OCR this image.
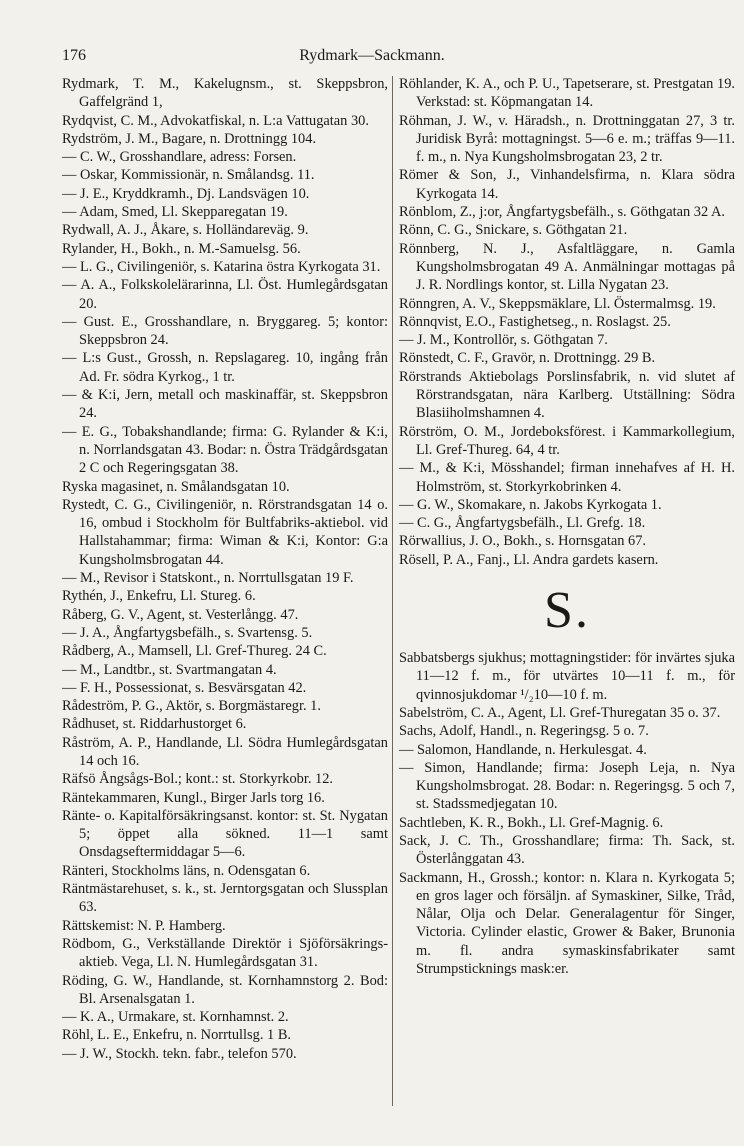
176	Rydmark—Sackmann.

Rydmark, T. M., Kakelugnsm., st. Skeppsbron, Gaffelgränd 1,

Rydqvist, C. M., Advokatfiskal, n. L:a Vattugatan 30.

Rydström, J. M., Bagare, n. Drottningg 104.

— C. W., Grosshandlare, adress: Forsen.

— Oskar, Kommissionär, n. Smålandsg. 11.

— J. E., Kryddkramh., Dj. Landsvägen 10.

— Adam, Smed, Ll. Skepparegatan 19.

Rydwall, A. J., Åkare, s. Holländareväg. 9.

Rylander, H., Bokh., n. M.-Samuelsg. 56.

— L. G., Civilingeniör, s. Katarina östra Kyrkogata 31.

— A. A., Folkskolelärarinna, Ll. Öst. Humlegårdsgatan 20.

— Gust. E., Grosshandlare, n. Bryggareg. 5; kontor: Skeppsbron 24.

— L:s Gust., Grossh, n. Repslagareg. 10, ingång från Ad. Fr. södra Kyrkog., 1 tr.

— & K:i, Jern, metall och maskinaffär, st. Skeppsbron 24.

— E. G., Tobakshandlande; firma: G. Rylander & K:i, n. Norrlandsgatan 43. Bodar: n. Östra Trädgårdsgatan 2 C och Regeringsgatan 38.

Ryska magasinet, n. Smålandsgatan 10.

Rystedt, C. G., Civilingeniör, n. Rörstrandsgatan 14 o. 16, ombud i Stockholm för Bultfabriks-aktiebol. vid Hallstahammar; firma: Wiman & K:i, Kontor: G:a Kungsholmsbrogatan 44.

— M., Revisor i Statskont., n. Norrtullsgatan 19 F.

Rythén, J., Enkefru, Ll. Stureg. 6.

Råberg, G. V., Agent, st. Vesterlångg. 47.

— J. A., Ångfartygsbefälh., s. Svartensg. 5.

Rådberg, A., Mamsell, Ll. Gref-Thureg. 24 C.

— M., Landtbr., st. Svartmangatan 4.

— F. H., Possessionat, s. Besvärsgatan 42.

Rådeström, P. G., Aktör, s. Borgmästaregr. 1.

Rådhuset, st. Riddarhustorget 6.

Råström, A. P., Handlande, Ll. Södra Humlegårdsgatan 14 och 16.

Räfsö Ångsågs-Bol.; kont.: st. Storkyrkobr. 12.

Räntekammaren, Kungl., Birger Jarls torg 16.

Ränte- o. Kapitalförsäkringsanst. kontor: st. St. Nygatan 5; öppet alla sökned. 11—1 samt Onsdagseftermiddagar 5—6.

Ränteri, Stockholms läns, n. Odensgatan 6.

Räntmästarehuset, s. k., st. Jerntorgsgatan och Slussplan 63.

Rättskemist: N. P. Hamberg.

Rödbom, G., Verkställande Direktör i Sjöförsäkrings-aktieb. Vega, Ll. N. Humlegårdsgatan 31.

Röding, G. W., Handlande, st. Kornhamnstorg 2. Bod: Bl. Arsenalsgatan 1.

— K. A., Urmakare, st. Kornhamnst. 2.

Röhl, L. E., Enkefru, n. Norrtullsg. 1 B.

— J. W., Stockh. tekn. fabr., telefon 570.

Röhlander, K. A., och P. U., Tapetserare, st. Prestgatan 19. Verkstad: st. Köpmangatan 14.

Röhman, J. W., v. Häradsh., n. Drottninggatan 27, 3 tr. Juridisk Byrå: mottagningst. 5—6 e. m.; träffas 9—11. f. m., n. Nya Kungsholmsbrogatan 23, 2 tr.

Römer & Son, J., Vinhandelsfirma, n. Klara södra Kyrkogata 14.

Rönblom, Z., j:or, Ångfartygsbefälh., s. Göthgatan 32 A.

Rönn, C. G., Snickare, s. Göthgatan 21.

Rönnberg, N. J., Asfaltläggare, n. Gamla Kungsholmsbrogatan 49 A. Anmälningar mottagas på J. R. Nordlings kontor, st. Lilla Nygatan 23.

Rönngren, A. V., Skeppsmäklare, Ll. Östermalmsg. 19.

Rönnqvist, E.O., Fastighetseg., n. Roslagst. 25.

— J. M., Kontrollör, s. Göthgatan 7.

Rönstedt, C. F., Gravör, n. Drottningg. 29 B.

Rörstrands Aktiebolags Porslinsfabrik, n. vid slutet af Rörstrandsgatan, nära Karlberg. Utställning: Södra Blasiiholmshamnen 4.

Rörström, O. M., Jordeboksförest. i Kammarkollegium, Ll. Gref-Thureg. 64, 4 tr.

— M., & K:i, Mösshandel; firman innehafves af H. H. Holmström, st. Storkyrkobrinken 4.

— G. W., Skomakare, n. Jakobs Kyrkogata 1.

— C. G., Ångfartygsbefälh., Ll. Grefg. 18.

Rörwallius, J. O., Bokh., s. Hornsgatan 67.

Rösell, P. A., Fanj., Ll. Andra gardets kasern.

S.

Sabbatsbergs sjukhus; mottagningstider: för invärtes sjuka 11—12 f. m., för utvärtes 10—11 f. m., för qvinnosjukdomar ¹/₂10—10 f. m.

Sabelström, C. A., Agent, Ll. Gref-Thuregatan 35 o. 37.

Sachs, Adolf, Handl., n. Regeringsg. 5 o. 7.

— Salomon, Handlande, n. Herkulesgat. 4.

— Simon, Handlande; firma: Joseph Leja, n. Nya Kungsholmsbrogat. 28. Bodar: n. Regeringsg. 5 och 7, st. Stadssmedjegatan 10.

Sachtleben, K. R., Bokh., Ll. Gref-Magnig. 6.

Sack, J. C. Th., Grosshandlare; firma: Th. Sack, st. Österlånggatan 43.

Sackmann, H., Grossh.; kontor: n. Klara n. Kyrkogata 5; en gros lager och försäljn. af Symaskiner, Silke, Tråd, Nålar, Olja och Delar. Generalagentur för Singer, Victoria. Cylinder elastic, Grower & Baker, Brunonia m. fl. andra symaskinsfabrikater samt Strumpsticknings mask:er.
